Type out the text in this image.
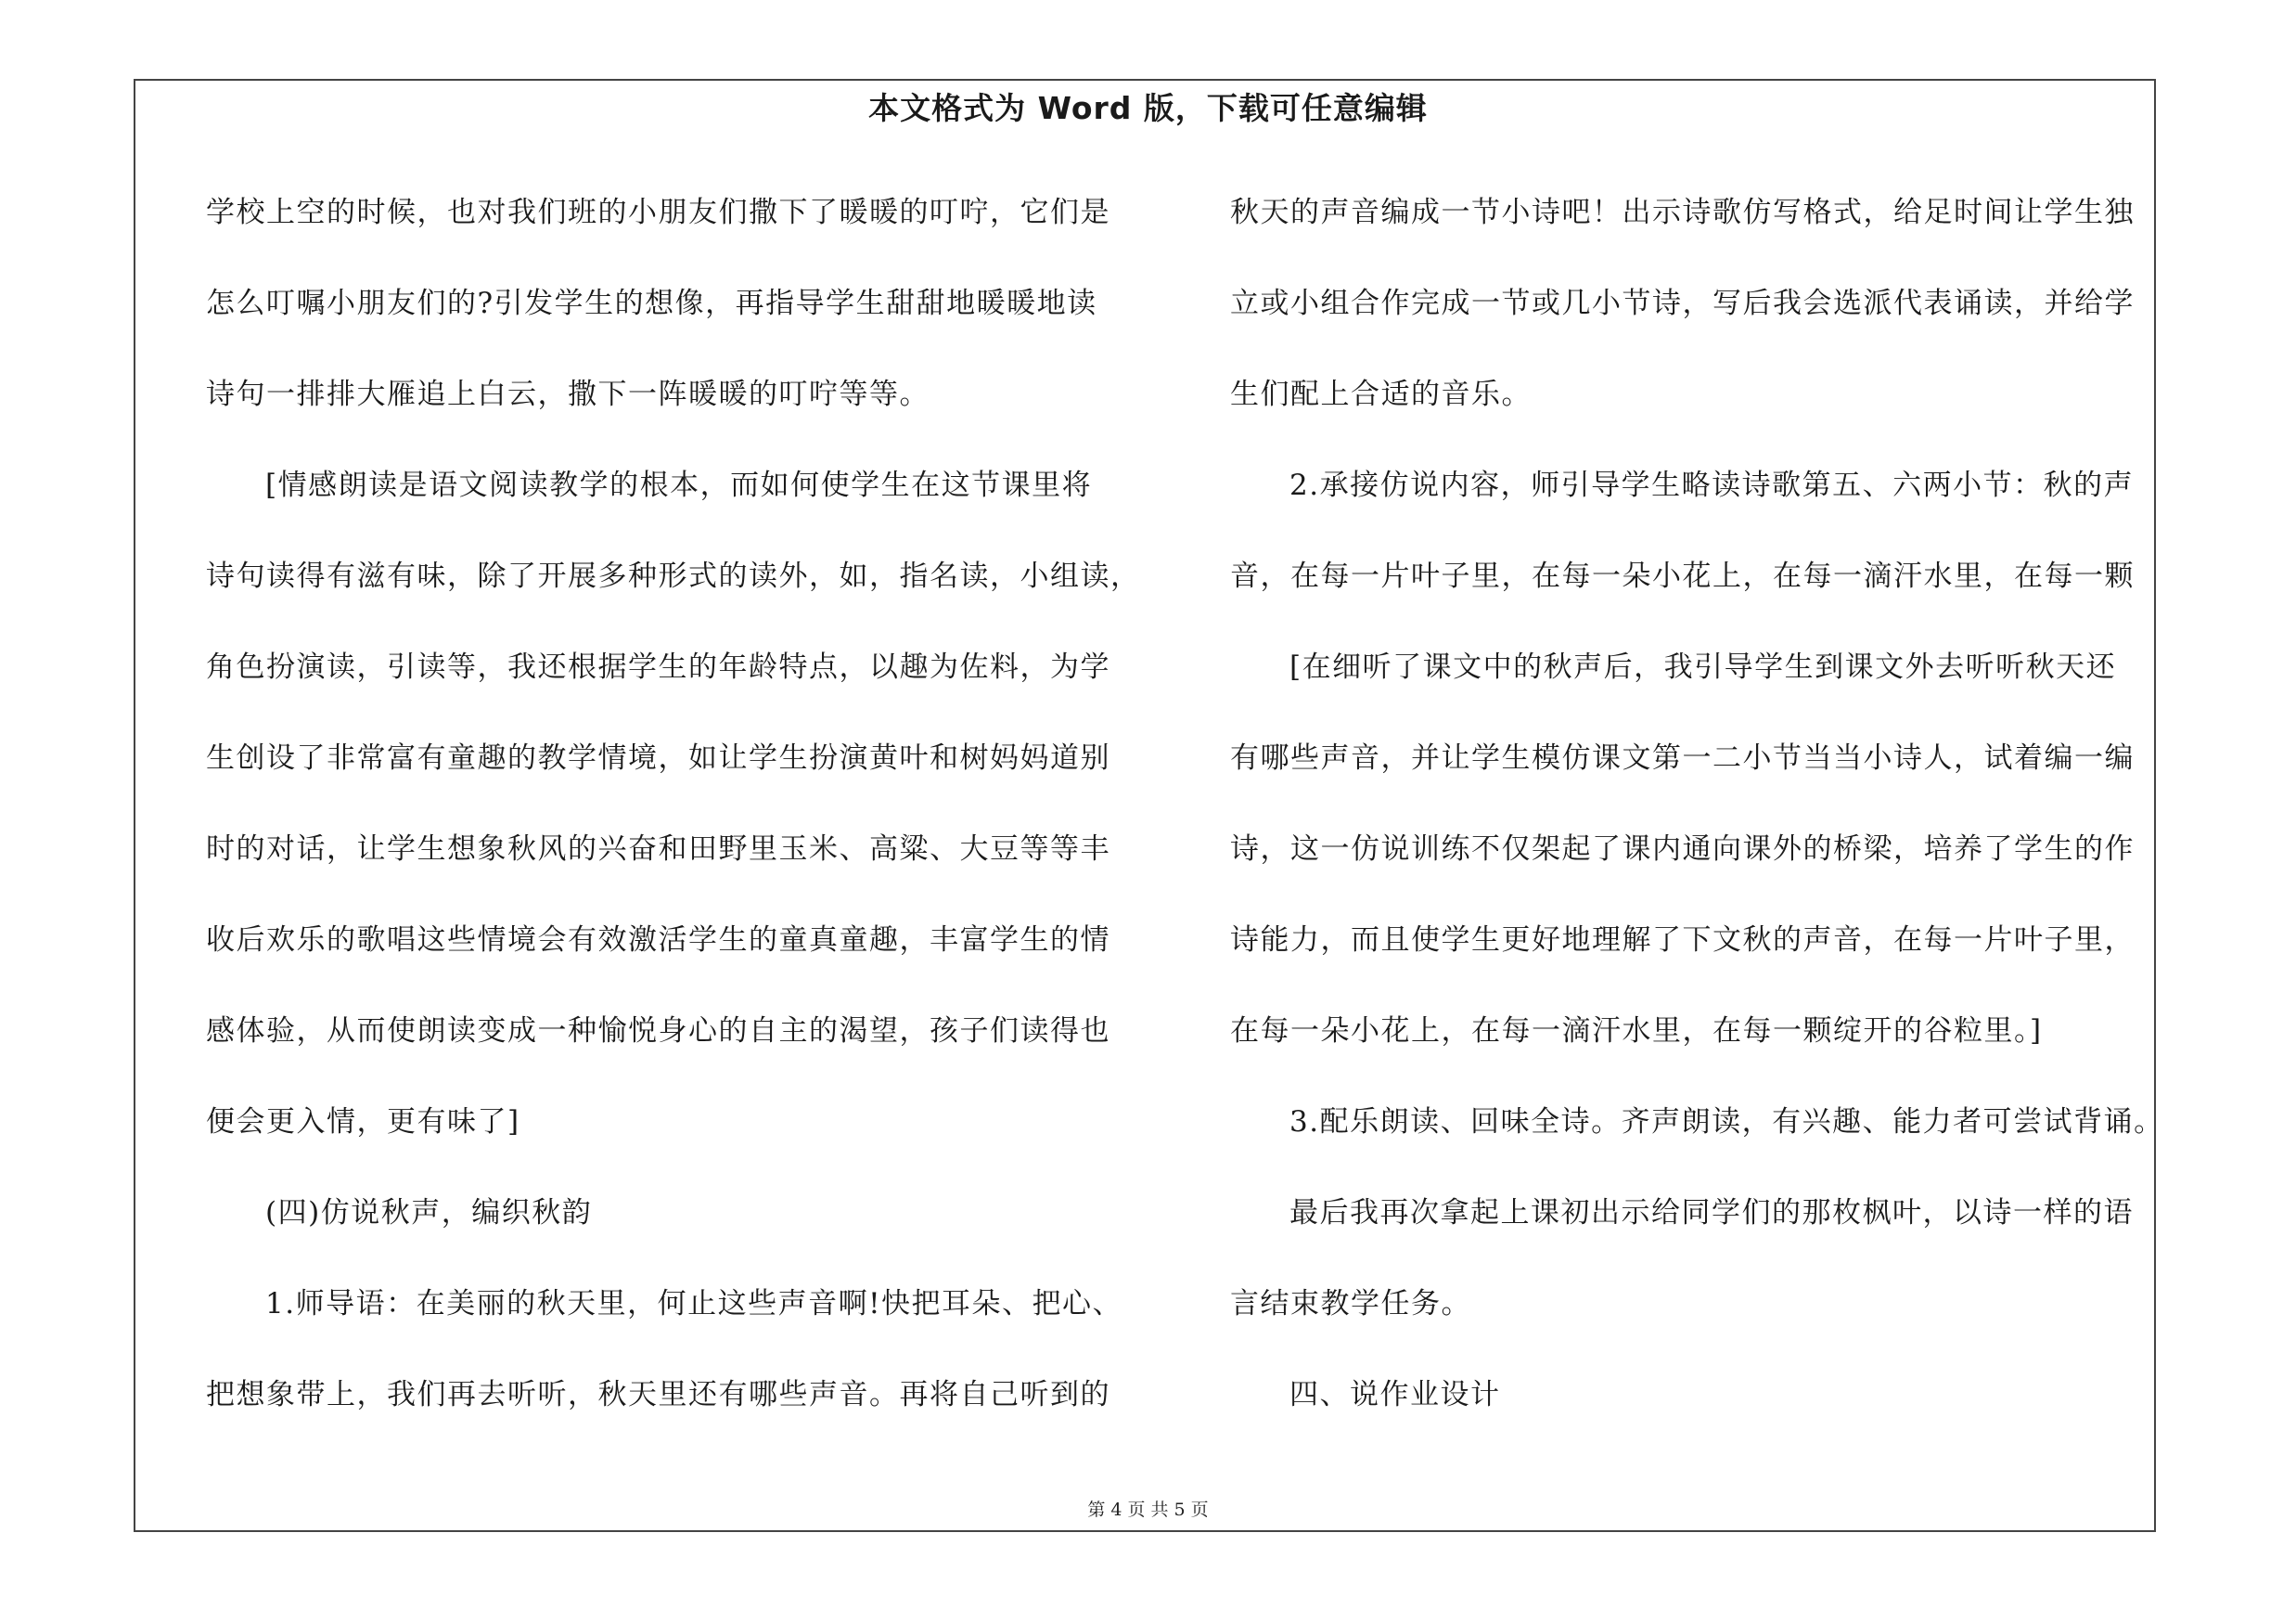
本文格式为 Word 版，下载可任意编辑
学校上空的时候，也对我们班的小朋友们撒下了暖暖的叮咛，它们是
怎么叮嘱小朋友们的?引发学生的想像，再指导学生甜甜地暖暖地读
诗句一排排大雁追上白云，撒下一阵暖暖的叮咛等等。
[情感朗读是语文阅读教学的根本，而如何使学生在这节课里将
诗句读得有滋有味，除了开展多种形式的读外，如，指名读，小组读，
角色扮演读，引读等，我还根据学生的年龄特点，以趣为佐料，为学
生创设了非常富有童趣的教学情境，如让学生扮演黄叶和树妈妈道别
时的对话，让学生想象秋风的兴奋和田野里玉米、高粱、大豆等等丰
收后欢乐的歌唱这些情境会有效激活学生的童真童趣，丰富学生的情
感体验，从而使朗读变成一种愉悦身心的自主的渴望，孩子们读得也
便会更入情，更有味了]
(四)仿说秋声，编织秋韵
1.师导语：在美丽的秋天里，何止这些声音啊!快把耳朵、把心、
把想象带上，我们再去听听，秋天里还有哪些声音。再将自己听到的
秋天的声音编成一节小诗吧！出示诗歌仿写格式，给足时间让学生独
立或小组合作完成一节或几小节诗，写后我会选派代表诵读，并给学
生们配上合适的音乐。
2.承接仿说内容，师引导学生略读诗歌第五、六两小节：秋的声
音，在每一片叶子里，在每一朵小花上，在每一滴汗水里，在每一颗
[在细听了课文中的秋声后，我引导学生到课文外去听听秋天还
有哪些声音，并让学生模仿课文第一二小节当当小诗人，试着编一编
诗，这一仿说训练不仅架起了课内通向课外的桥梁，培养了学生的作
诗能力，而且使学生更好地理解了下文秋的声音，在每一片叶子里，
在每一朵小花上，在每一滴汗水里，在每一颗绽开的谷粒里。]
3.配乐朗读、回味全诗。齐声朗读，有兴趣、能力者可尝试背诵。
最后我再次拿起上课初出示给同学们的那枚枫叶，以诗一样的语
言结束教学任务。
四、说作业设计
第 4 页 共 5 页
